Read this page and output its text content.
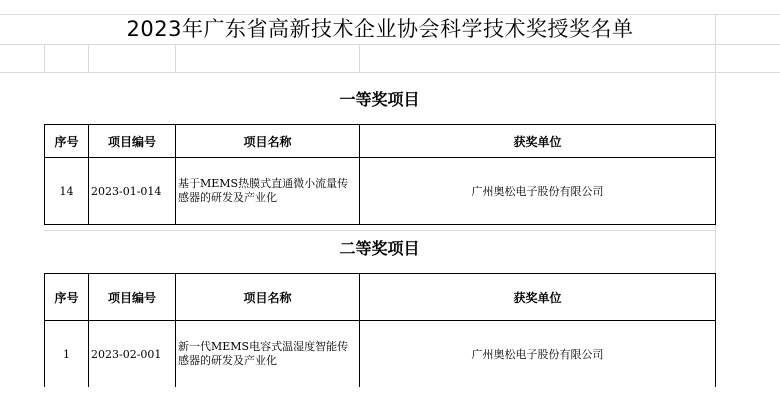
2023年广东省高新技术企业协会科学技术奖授奖名单
一等奖项目
序号	项目编号	项目名称	获奖单位
14	2023-01-014	基于MEMS热膜式直通微小流量传感器的研发及产业化	广州奥松电子股份有限公司
二等奖项目
序号	项目编号	项目名称	获奖单位
1	2023-02-001	新一代MEMS电容式温湿度智能传感器的研发及产业化	广州奥松电子股份有限公司
